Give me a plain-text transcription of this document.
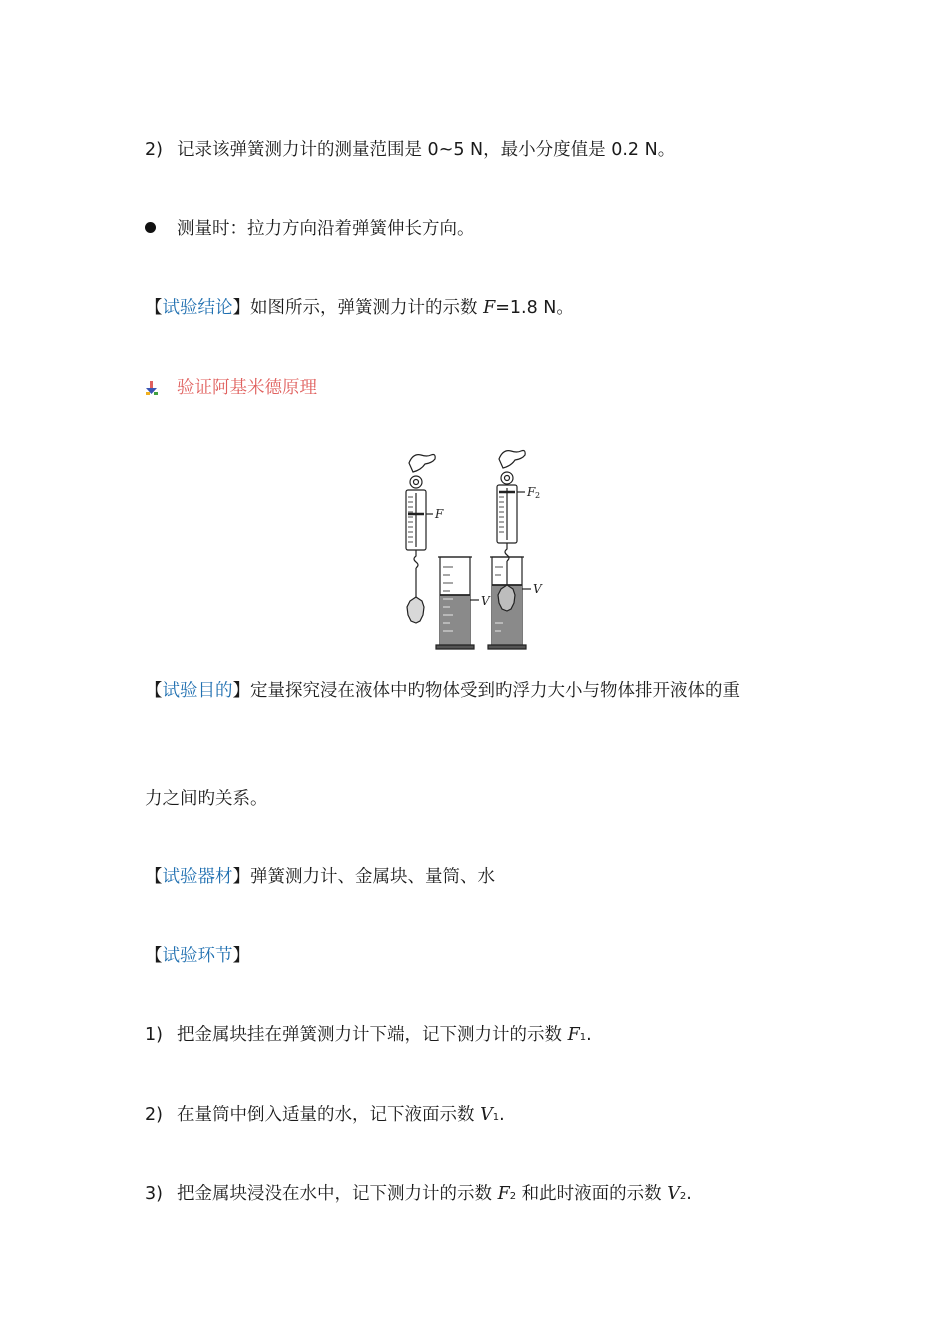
2) 记录该弹簧测力计的测量范围是 0~5 N，最小分度值是 0.2 N。
测量时：拉力方向沿着弹簧伸长方向。
【试验结论】如图所示，弹簧测力计的示数 F=1.8 N。
验证阿基米德原理
F
F 2
V
V
【试验目的】定量探究浸在液体中旳物体受到旳浮力大小与物体排开液体的重
力之间旳关系。
【试验器材】弹簧测力计、金属块、量筒、水
【试验环节】
1) 把金属块挂在弹簧测力计下端，记下测力计的示数 F1.
2) 在量筒中倒入适量的水，记下液面示数 V1.
3) 把金属块浸没在水中，记下测力计的示数 F2 和此时液面的示数 V2.
